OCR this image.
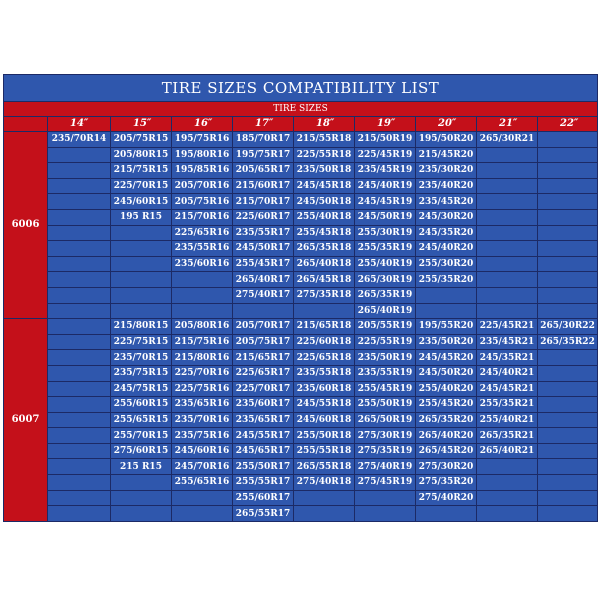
TIRE SIZES COMPATIBILITY LIST									
TIRE SIZES									
	14″	15″	16″	17″	18″	19″	20″	21″	22″
6006	235/70R14	205/75R15	195/75R16	185/70R17	215/55R18	215/50R19	195/50R20	265/30R21	
		205/80R15	195/80R16	195/75R17	225/55R18	225/45R19	215/45R20		
		215/75R15	195/85R16	205/65R17	235/50R18	235/45R19	235/30R20		
		225/70R15	205/70R16	215/60R17	245/45R18	245/40R19	235/40R20		
		245/60R15	205/75R16	215/70R17	245/50R18	245/45R19	235/45R20		
		195 R15	215/70R16	225/60R17	255/40R18	245/50R19	245/30R20		
			225/65R16	235/55R17	255/45R18	255/30R19	245/35R20		
			235/55R16	245/50R17	265/35R18	255/35R19	245/40R20		
			235/60R16	255/45R17	265/40R18	255/40R19	255/30R20		
				265/40R17	265/45R18	265/30R19	255/35R20		
				275/40R17	275/35R18	265/35R19			
						265/40R19			
6007		215/80R15	205/80R16	205/70R17	215/65R18	205/55R19	195/55R20	225/45R21	265/30R22
		225/75R15	215/75R16	205/75R17	225/60R18	225/55R19	235/50R20	235/45R21	265/35R22
		235/70R15	215/80R16	215/65R17	225/65R18	235/50R19	245/45R20	245/35R21	
		235/75R15	225/70R16	225/65R17	235/55R18	235/55R19	245/50R20	245/40R21	
		245/75R15	225/75R16	225/70R17	235/60R18	255/45R19	255/40R20	245/45R21	
		255/60R15	235/65R16	235/60R17	245/55R18	255/50R19	255/45R20	255/35R21	
		255/65R15	235/70R16	235/65R17	245/60R18	265/50R19	265/35R20	255/40R21	
		255/70R15	235/75R16	245/55R17	255/50R18	275/30R19	265/40R20	265/35R21	
		275/60R15	245/60R16	245/65R17	255/55R18	275/35R19	265/45R20	265/40R21	
		215 R15	245/70R16	255/50R17	265/55R18	275/40R19	275/30R20		
			255/65R16	255/55R17	275/40R18	275/45R19	275/35R20		
				255/60R17			275/40R20		
				265/55R17					
